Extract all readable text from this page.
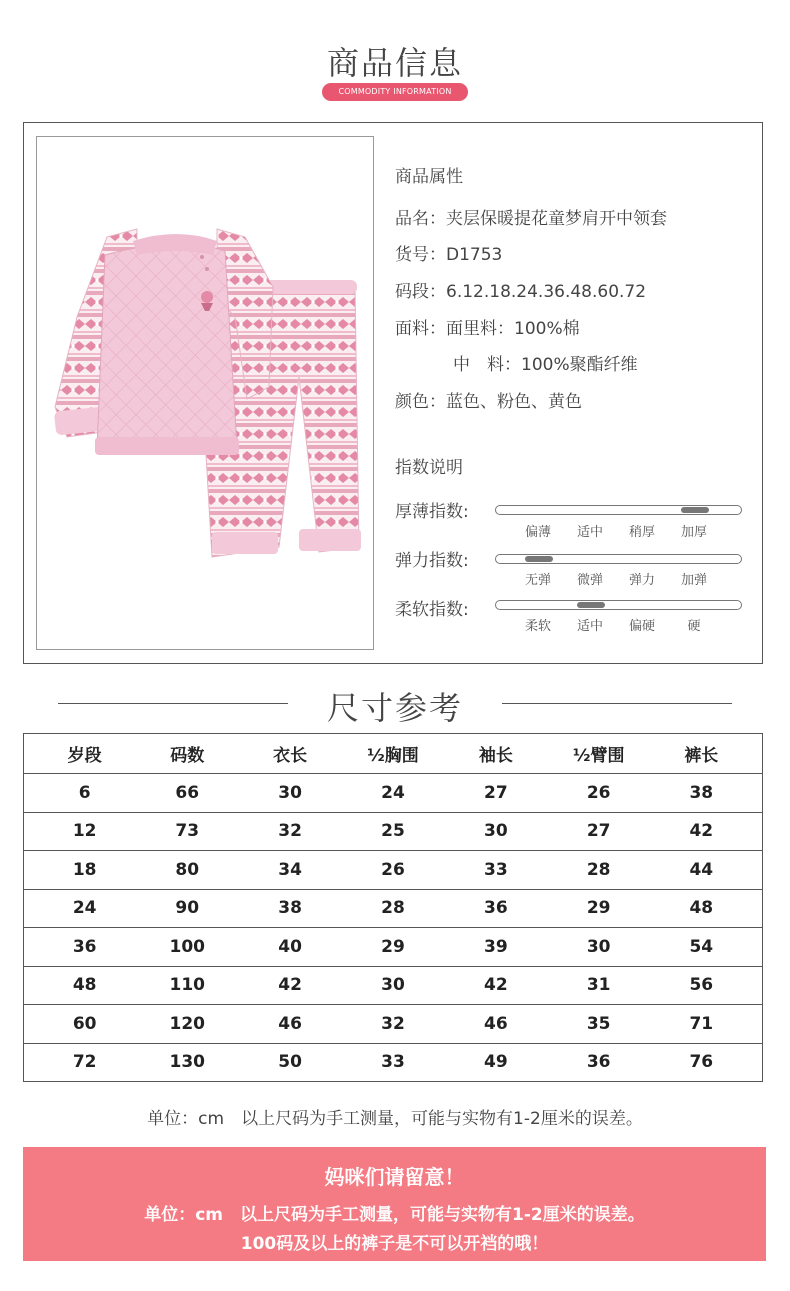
商品信息
COMMODITY INFORMATION
商品属性
品名：夹层保暖提花童梦肩开中领套
货号：D1753
码段：6.12.18.24.36.48.60.72
面料：面里料：100%棉
中　料：100%聚酯纤维
颜色：蓝色、粉色、黄色
指数说明
厚薄指数:
偏薄 适中 稍厚 加厚
弹力指数:
无弹 微弹 弹力 加弹
柔软指数:
柔软 适中 偏硬 硬
尺寸参考
岁段	码数	衣长	½胸围	袖长	½臂围	裤长
6	66	30	24	27	26	38
12	73	32	25	30	27	42
18	80	34	26	33	28	44
24	90	38	28	36	29	48
36	100	40	29	39	30	54
48	110	42	30	42	31	56
60	120	46	32	46	35	71
72	130	50	33	49	36	76
单位：cm　以上尺码为手工测量，可能与实物有1-2厘米的误差。
妈咪们请留意！
单位：cm　以上尺码为手工测量，可能与实物有1-2厘米的误差。
100码及以上的裤子是不可以开裆的哦！
